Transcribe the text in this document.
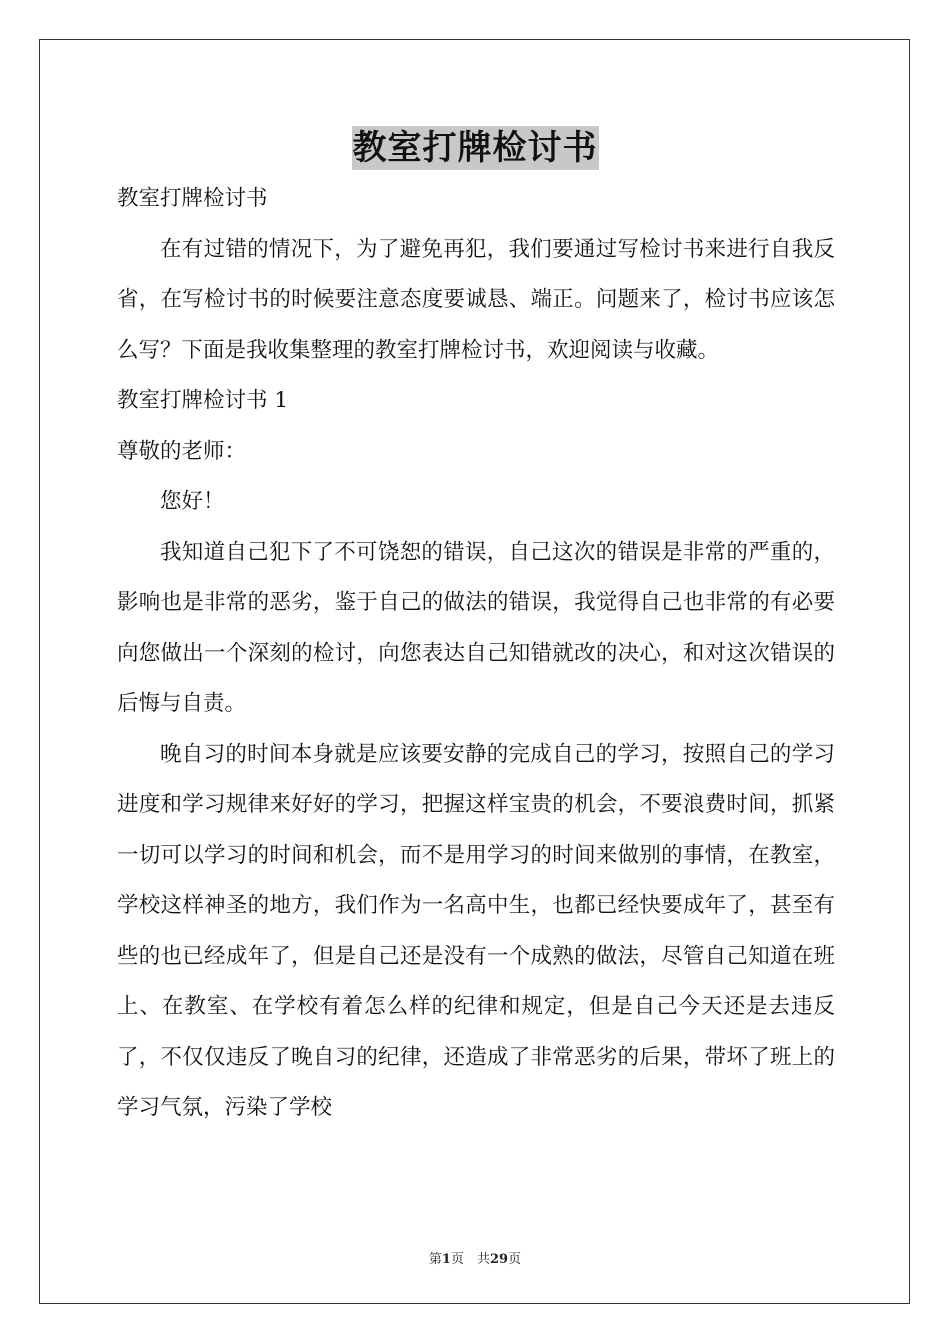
教室打牌检讨书

教室打牌检讨书

在有过错的情况下，为了避免再犯，我们要通过写检讨书来进行自我反省，在写检讨书的时候要注意态度要诚恳、端正。问题来了，检讨书应该怎么写？下面是我收集整理的教室打牌检讨书，欢迎阅读与收藏。

教室打牌检讨书 1

尊敬的老师：

您好！

我知道自己犯下了不可饶恕的错误，自己这次的错误是非常的严重的，影响也是非常的恶劣，鉴于自己的做法的错误，我觉得自己也非常的有必要向您做出一个深刻的检讨，向您表达自己知错就改的决心，和对这次错误的后悔与自责。

晚自习的时间本身就是应该要安静的完成自己的学习，按照自己的学习进度和学习规律来好好的学习，把握这样宝贵的机会，不要浪费时间，抓紧一切可以学习的时间和机会，而不是用学习的时间来做别的事情，在教室，学校这样神圣的地方，我们作为一名高中生，也都已经快要成年了，甚至有些的也已经成年了，但是自己还是没有一个成熟的做法，尽管自己知道在班上、在教室、在学校有着怎么样的纪律和规定，但是自己今天还是去违反了，不仅仅违反了晚自习的纪律，还造成了非常恶劣的后果，带坏了班上的学习气氛，污染了学校

第1页　共29页
